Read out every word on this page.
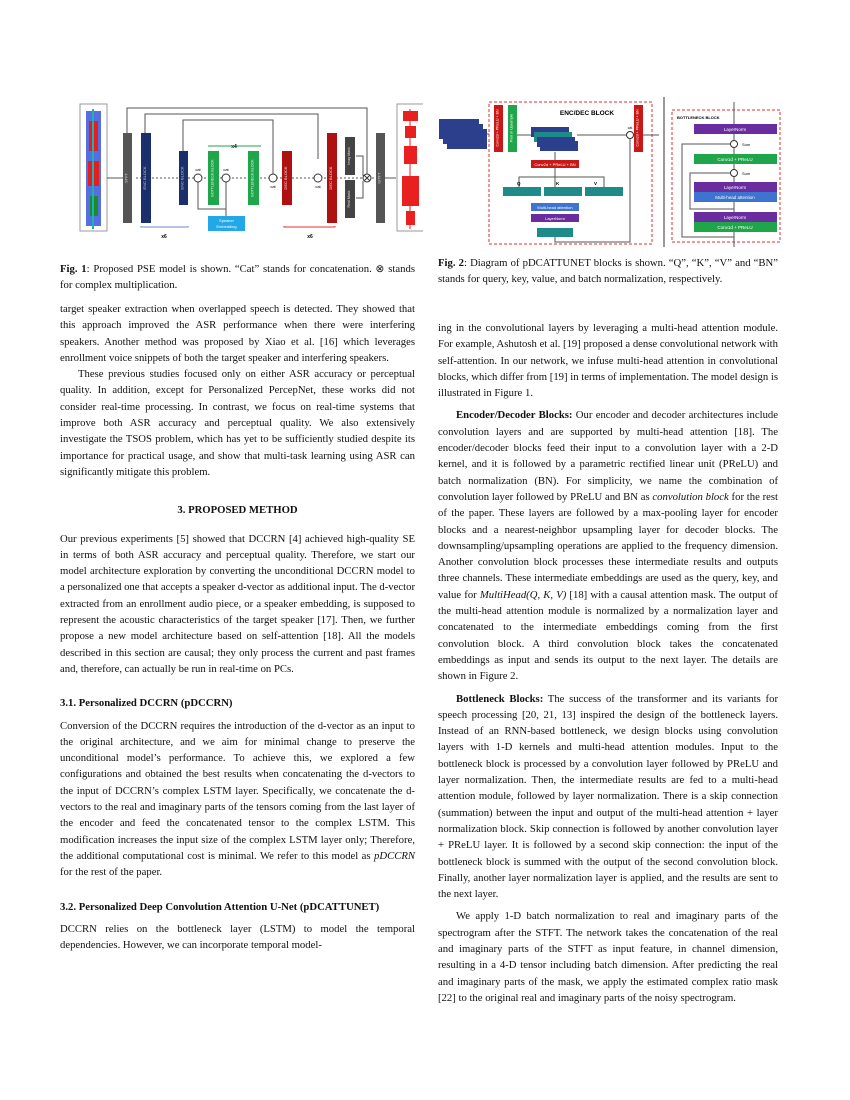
STFT	ENC BLOCK	ENC BLOCK	cat
x4
BOTTLENECK BLOCK cat	BOTTLENECK BLOCK
Speaker
Embedding
cat DEC BLOCK	cat DEC BLOCK
Imag Mask
Real Mask
iSTFT
x6	x6
Fig. 1: Proposed PSE model is shown. “Cat” stands for concatenation. ⊗ stands for complex multiplication.
ENC/DEC BLOCK
Conv2d + PReLU + BN	Pool or Upsample	cat
Conv2d + PReLU + BN
Q	K	V
Multi-head attention
LayerNorm
Conv2d + PReLU + BN	BOTTLENECK BLOCK
LayerNorm
Sum
Conv1d + PReLU
Sum
LayerNorm
Multi-head attention
LayerNorm
Conv1d + PReLU
Fig. 2: Diagram of pDCATTUNET blocks is shown. “Q”, “K”, “V” and “BN” stands for query, key, value, and batch normalization, respectively.

target speaker extraction when overlapped speech is detected. They showed that this approach improved the ASR performance when there were interfering speakers. Another method was proposed by Xiao et al. [16] which leverages enrollment voice snippets of both the target speaker and interfering speakers.

These previous studies focused only on either ASR accuracy or perceptual quality. In addition, except for Personalized PercepNet, these works did not consider real-time processing. In contrast, we focus on real-time systems that improve both ASR accuracy and perceptual quality. We also extensively investigate the TSOS problem, which has yet to be sufficiently studied despite its importance for practical usage, and show that multi-task learning using ASR can significantly mitigate this problem.

3. PROPOSED METHOD

Our previous experiments [5] showed that DCCRN [4] achieved high-quality SE in terms of both ASR accuracy and perceptual quality. Therefore, we start our model architecture exploration by converting the unconditional DCCRN model to a personalized one that accepts a speaker d-vector as additional input. The d-vector extracted from an enrollment audio piece, or a speaker embedding, is supposed to represent the acoustic characteristics of the target speaker [17]. Then, we further propose a new model architecture based on self-attention [18]. All the models described in this section are causal; they only process the current and past frames and, therefore, can actually be run in real-time on PCs.

3.1. Personalized DCCRN (pDCCRN)

Conversion of the DCCRN requires the introduction of the d-vector as an input to the original architecture, and we aim for minimal change to preserve the unconditional model’s performance. To achieve this, we explored a few configurations and obtained the best results when concatenating the d-vectors to the input of DCCRN’s complex LSTM layer. Specifically, we concatenate the d-vectors to the real and imaginary parts of the tensors coming from the last layer of the encoder and feed the concatenated tensor to the complex LSTM. This modification increases the input size of the complex LSTM layer only; Therefore, the additional computational cost is minimal. We refer to this model as pDCCRN for the rest of the paper.

3.2. Personalized Deep Convolution Attention U-Net (pDCATTUNET)

DCCRN relies on the bottleneck layer (LSTM) to model the temporal dependencies. However, we can incorporate temporal model-

ing in the convolutional layers by leveraging a multi-head attention module. For example, Ashutosh et al. [19] proposed a dense convolutional network with self-attention. In our network, we infuse multi-head attention in convolutional blocks, which differ from [19] in terms of implementation. The model design is illustrated in Figure 1.

Encoder/Decoder Blocks: Our encoder and decoder architectures include convolution layers and are supported by multi-head attention [18]. The encoder/decoder blocks feed their input to a convolution layer with a 2-D kernel, and it is followed by a parametric rectified linear unit (PReLU) and batch normalization (BN). For simplicity, we name the combination of convolution layer followed by PReLU and BN as convolution block for the rest of the paper. These layers are followed by a max-pooling layer for encoder blocks and a nearest-neighbor upsampling layer for decoder blocks. The downsampling/upsampling operations are applied to the frequency dimension. Another convolution block processes these intermediate results and outputs three channels. These intermediate embeddings are used as the query, key, and value for MultiHead(Q, K, V) [18] with a causal attention mask. The output of the multi-head attention module is normalized by a normalization layer and concatenated to the intermediate embeddings coming from the first convolution block. A third convolution block takes the concatenated embeddings as input and sends its output to the next layer. The details are shown in Figure 2.

Bottleneck Blocks: The success of the transformer and its variants for speech processing [20, 21, 13] inspired the design of the bottleneck layers. Instead of an RNN-based bottleneck, we design blocks using convolution layers with 1-D kernels and multi-head attention modules. Input to the bottleneck block is processed by a convolution layer followed by PReLU and layer normalization. Then, the intermediate results are fed to a multi-head attention module, followed by layer normalization. There is a skip connection (summation) between the input and output of the multi-head attention + layer normalization block. Skip connection is followed by another convolution layer + PReLU layer. It is followed by a second skip connection: the input of the bottleneck block is summed with the output of the second convolution block. Finally, another layer normalization layer is applied, and the results are sent to the next layer.

We apply 1-D batch normalization to real and imaginary parts of the spectrogram after the STFT. The network takes the concatenation of the real and imaginary parts of the STFT as input feature, in channel dimension, resulting in a 4-D tensor including batch dimension. After predicting the real and imaginary parts of the mask, we apply the estimated complex ratio mask [22] to the original real and imaginary parts of the noisy spectrogram.
